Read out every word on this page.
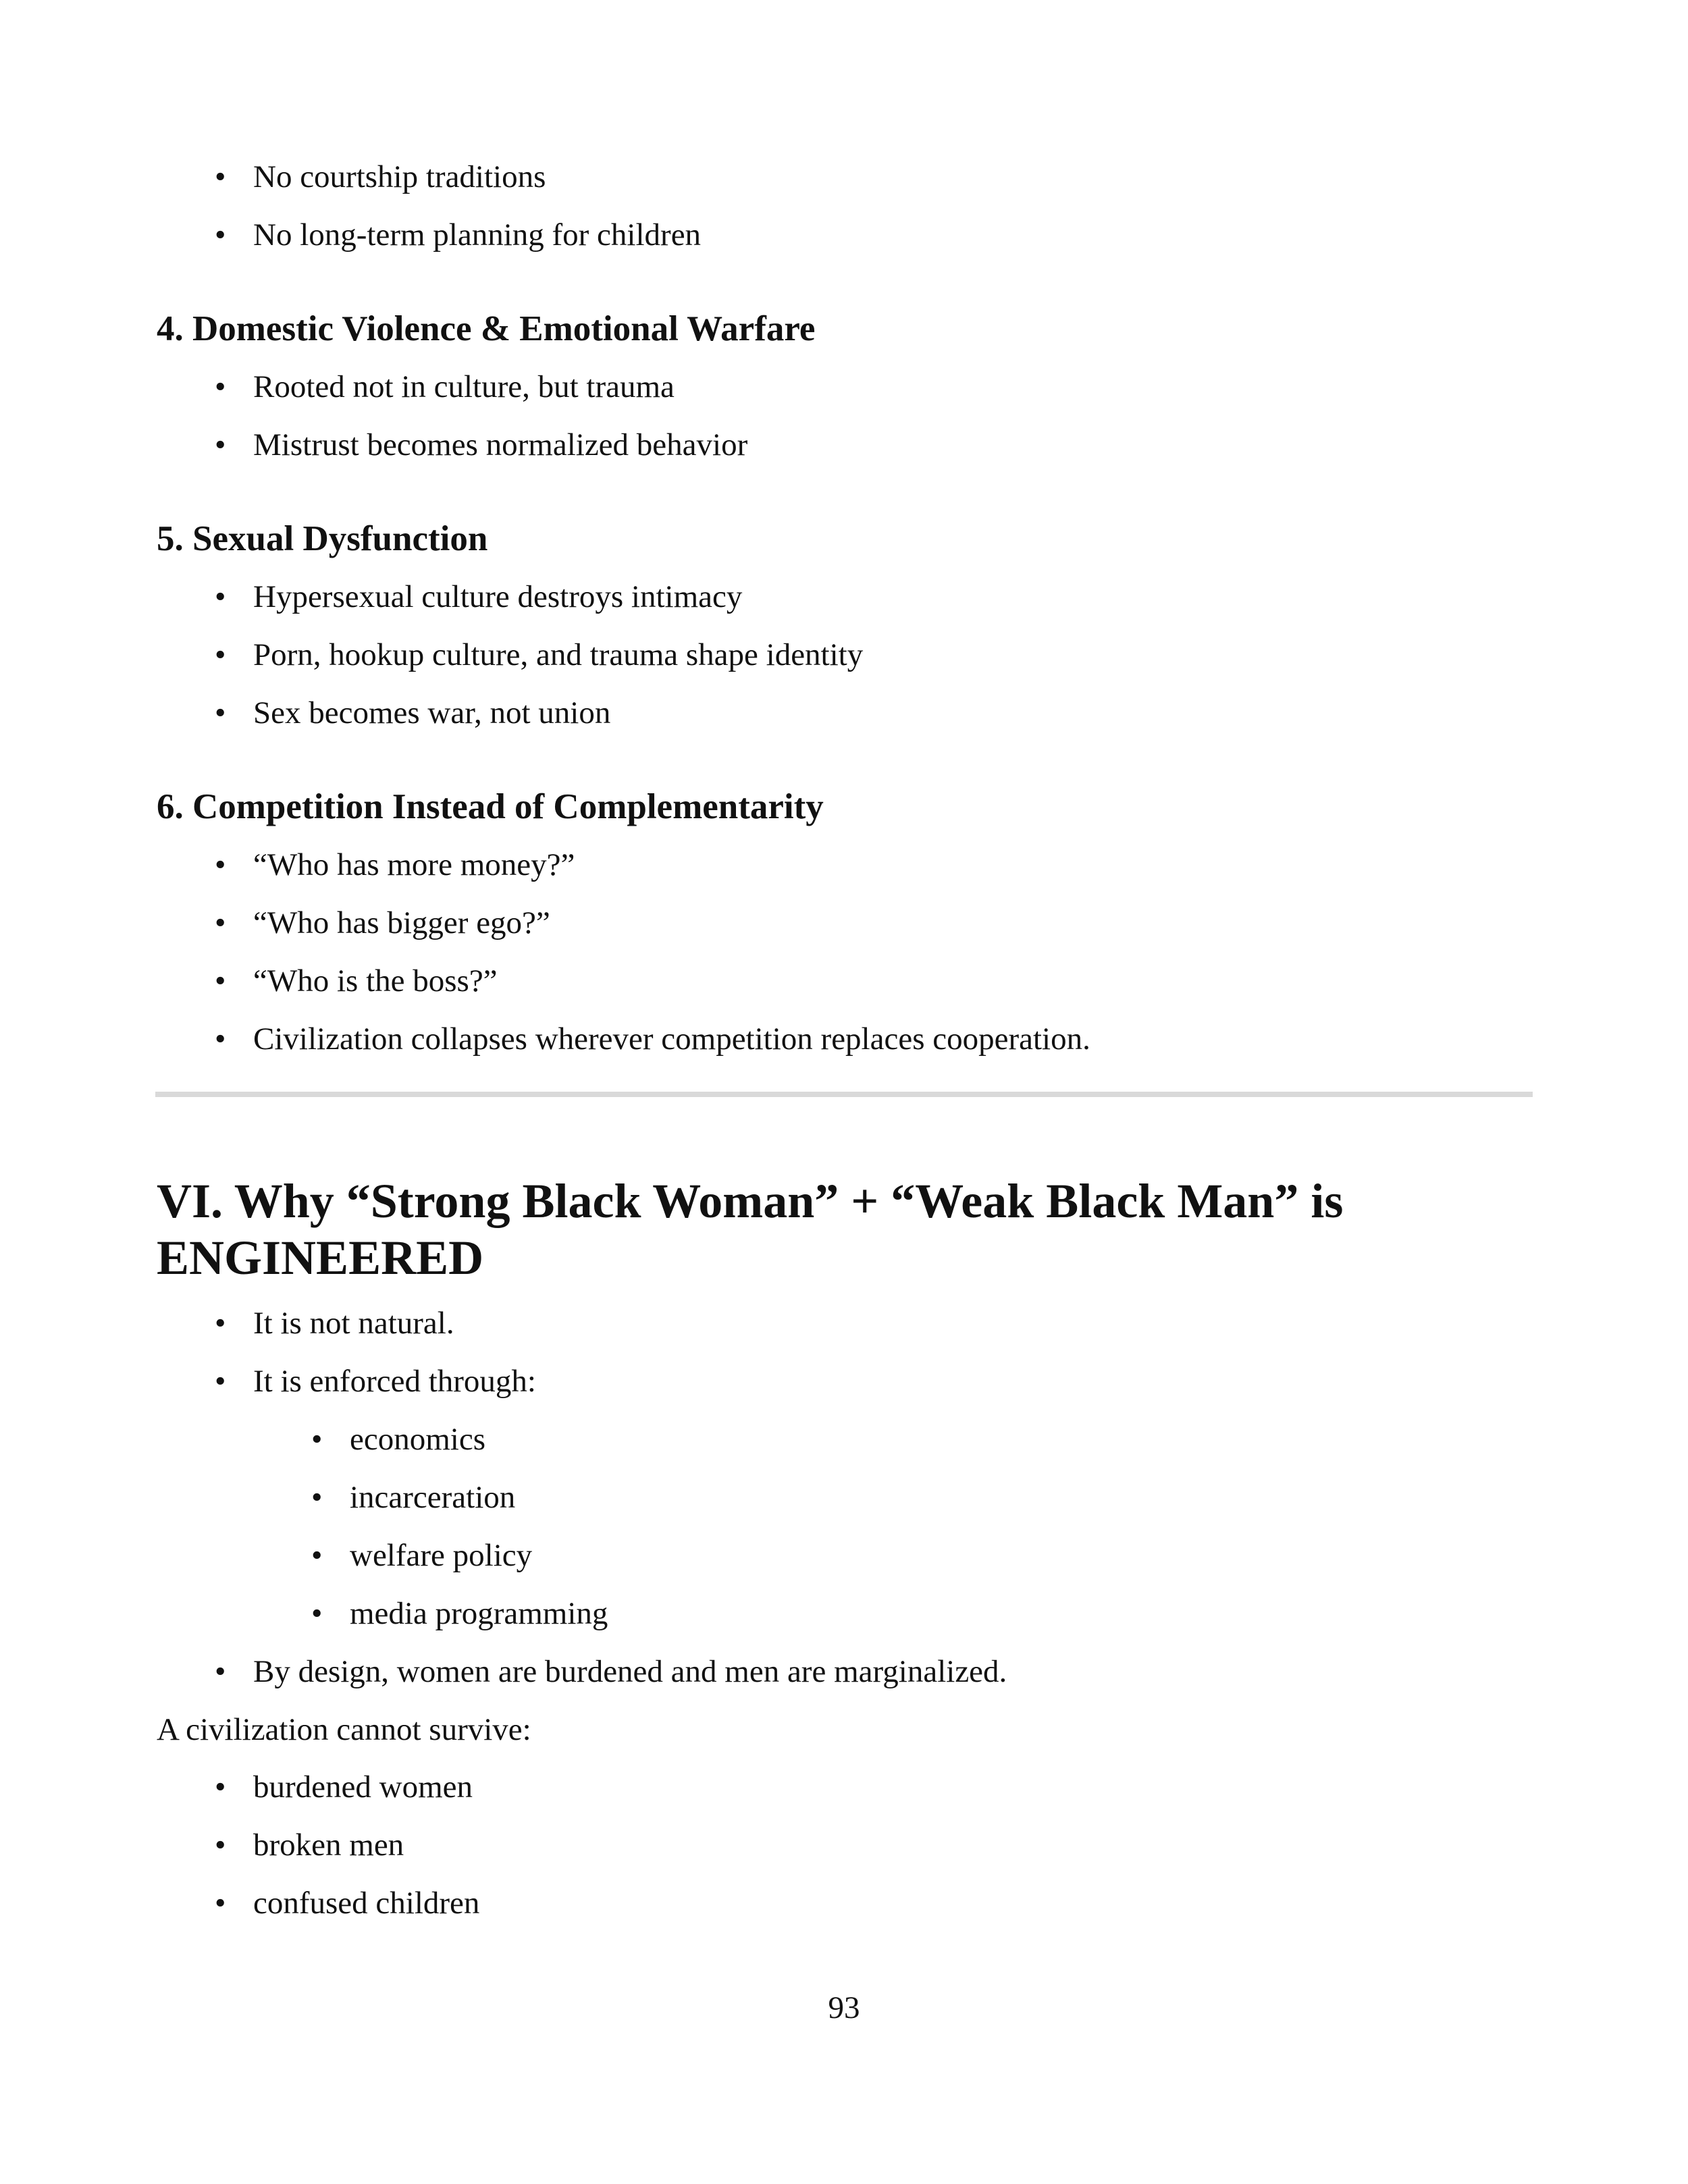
• No courtship traditions
• No long-term planning for children
4. Domestic Violence & Emotional Warfare
• Rooted not in culture, but trauma
• Mistrust becomes normalized behavior
5. Sexual Dysfunction
• Hypersexual culture destroys intimacy
• Porn, hookup culture, and trauma shape identity
• Sex becomes war, not union
6. Competition Instead of Complementarity
• “Who has more money?”
• “Who has bigger ego?”
• “Who is the boss?”
• Civilization collapses wherever competition replaces cooperation.
VI. Why “Strong Black Woman” + “Weak Black Man” is ENGINEERED
• It is not natural.
• It is enforced through:
• economics
• incarceration
• welfare policy
• media programming
• By design, women are burdened and men are marginalized.

A civilization cannot survive:

• burdened women
• broken men
• confused children
93
